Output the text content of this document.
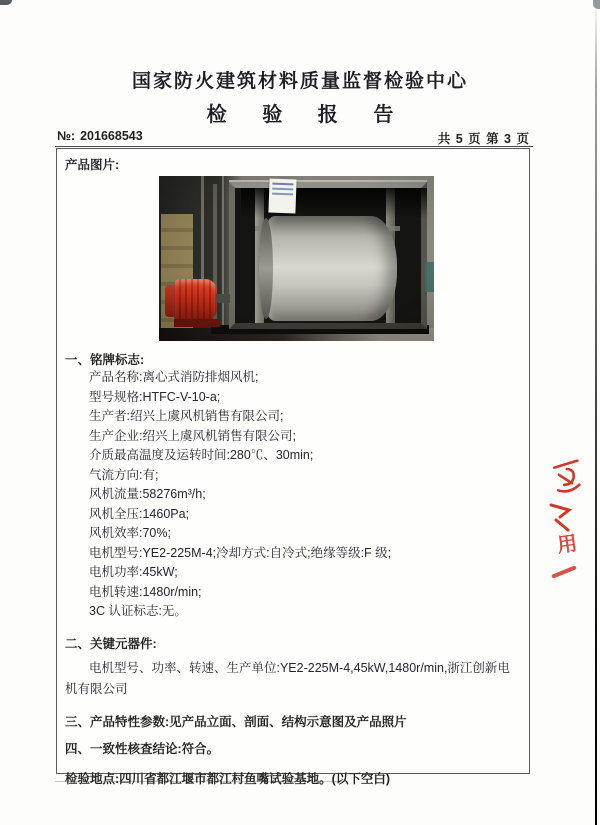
国家防火建筑材料质量监督检验中心
检 验 报 告
№: 201668543	共 5 页 第 3 页
产品图片:
一、铭牌标志:
产品名称:离心式消防排烟风机;
型号规格:HTFC-V-10-a;
生产者:绍兴上虞风机销售有限公司;
生产企业:绍兴上虞风机销售有限公司;
介质最高温度及运转时间:280℃、30min;
气流方向:有;
风机流量:58276m³/h;
风机全压:1460Pa;
风机效率:70%;
电机型号:YE2-225M-4;冷却方式:自冷式;绝缘等级:F 级;
电机功率:45kW;
电机转速:1480r/min;
3C 认证标志:无。
二、关键元器件:
电机型号、功率、转速、生产单位:YE2-225M-4,45kW,1480r/min,浙江创新电机有限公司
三、产品特性参数:见产品立面、剖面、结构示意图及产品照片
四、一致性核查结论:符合。
检验地点:四川省都江堰市都江村鱼嘴试验基地。(以下空白)
用
